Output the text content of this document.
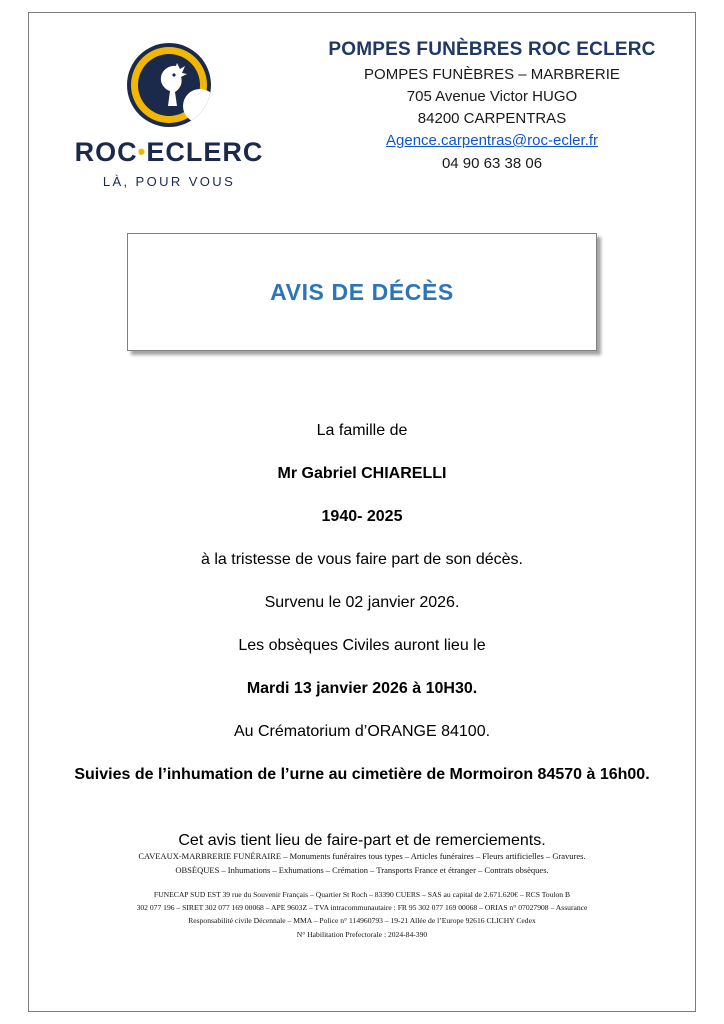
ROC•ECLERC
LÀ, POUR VOUS
POMPES FUNÈBRES ROC ECLERC
POMPES FUNÈBRES – MARBRERIE
705 Avenue Victor HUGO
84200 CARPENTRAS
Agence.carpentras@roc-ecler.fr
04 90 63 38 06
AVIS DE DÉCÈS

La famille de

Mr Gabriel CHIARELLI

1940- 2025

à la tristesse de vous faire part de son décès.

Survenu le 02 janvier 2026.

Les obsèques Civiles auront lieu le

Mardi 13 janvier 2026 à 10H30.

Au Crématorium d’ORANGE 84100.

Suivies de l’inhumation de l’urne au cimetière de Mormoiron 84570 à 16h00.

Cet avis tient lieu de faire-part et de remerciements.

CAVEAUX-MARBRERIE FUNÉRAIRE – Monuments funéraires tous types – Articles funéraires – Fleurs artificielles – Gravures.
OBSÈQUES – Inhumations – Exhumations – Crémation – Transports France et étranger – Contrats obsèques.
FUNECAP SUD EST 39 rue du Souvenir Français – Quartier St Roch – 83390 CUERS – SAS au capital de 2.671.620€ – RCS Toulon B
302 077 196 – SIRET 302 077 169 00068 – APE 9603Z – TVA intracommunautaire : FR 95 302 077 169 00068 – ORIAS n° 07027908 – Assurance
Responsabilité civile Décennale – MMA – Police n° 114960793 – 19-21 Allée de l’Europe 92616 CLICHY Cedex
N° Habilitation Prefectorale : 2024-84-390
